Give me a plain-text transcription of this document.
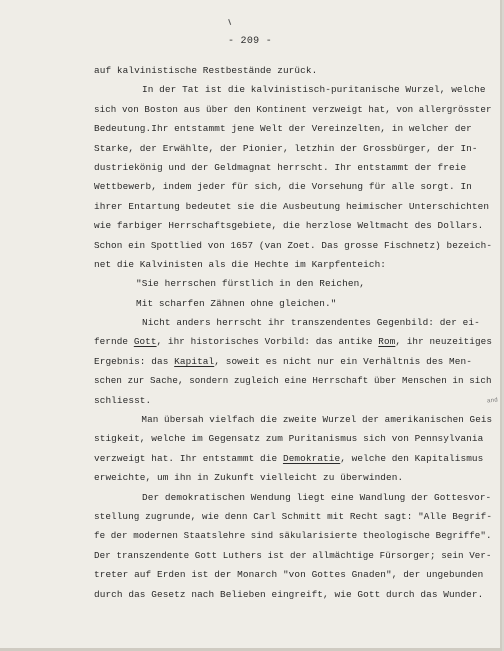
- 209 -
auf kalvinistische Restbestände zurück.
In der Tat ist die kalvinistisch-puritanische Wurzel, welche
sich von Boston aus über den Kontinent verzweigt hat, von allergrösster
Bedeutung.Ihr entstammt jene Welt der Vereinzelten, in welcher der
Starke, der Erwählte, der Pionier, letzhin der Grossbürger, der In-
dustriekönig und der Geldmagnat herrscht. Ihr entstammt der freie
Wettbewerb, indem jeder für sich, die Vorsehung für alle sorgt. In
ihrer Entartung bedeutet sie die Ausbeutung heimischer Unterschichten
wie farbiger Herrschaftsgebiete, die herzlose Weltmacht des Dollars.
Schon ein Spottlied von 1657 (van Zoet. Das grosse Fischnetz) bezeich-
net die Kalvinisten als die Hechte im Karpfenteich:
"Sie herrschen fürstlich in den Reichen,
Mit scharfen Zähnen ohne gleichen."
Nicht anders herrscht ihr transzendentes Gegenbild: der ei-
fernde Gott, ihr historisches Vorbild: das antike Rom, ihr neuzeitiges
Ergebnis: das Kapital, soweit es nicht nur ein Verhältnis des Men-
schen zur Sache, sondern zugleich eine Herrschaft über Menschen in sich
schliesst.
Man übersah vielfach die zweite Wurzel der amerikanischen Geis
stigkeit, welche im Gegensatz zum Puritanismus sich von Pennsylvania
verzweigt hat. Ihr entstammt die Demokratie, welche den Kapitalismus
erweichte, um ihn in Zukunft vielleicht zu überwinden.
Der demokratischen Wendung liegt eine Wandlung der Gottesvor-
stellung zugrunde, wie denn Carl Schmitt mit Recht sagt: "Alle Begrif-
fe der modernen Staatslehre sind säkularisierte theologische Begriffe".
Der transzendente Gott Luthers ist der allmächtige Fürsorger; sein Ver-
treter auf Erden ist der Monarch "von Gottes Gnaden", der ungebunden
durch das Gesetz nach Belieben eingreift, wie Gott durch das Wunder.
and
